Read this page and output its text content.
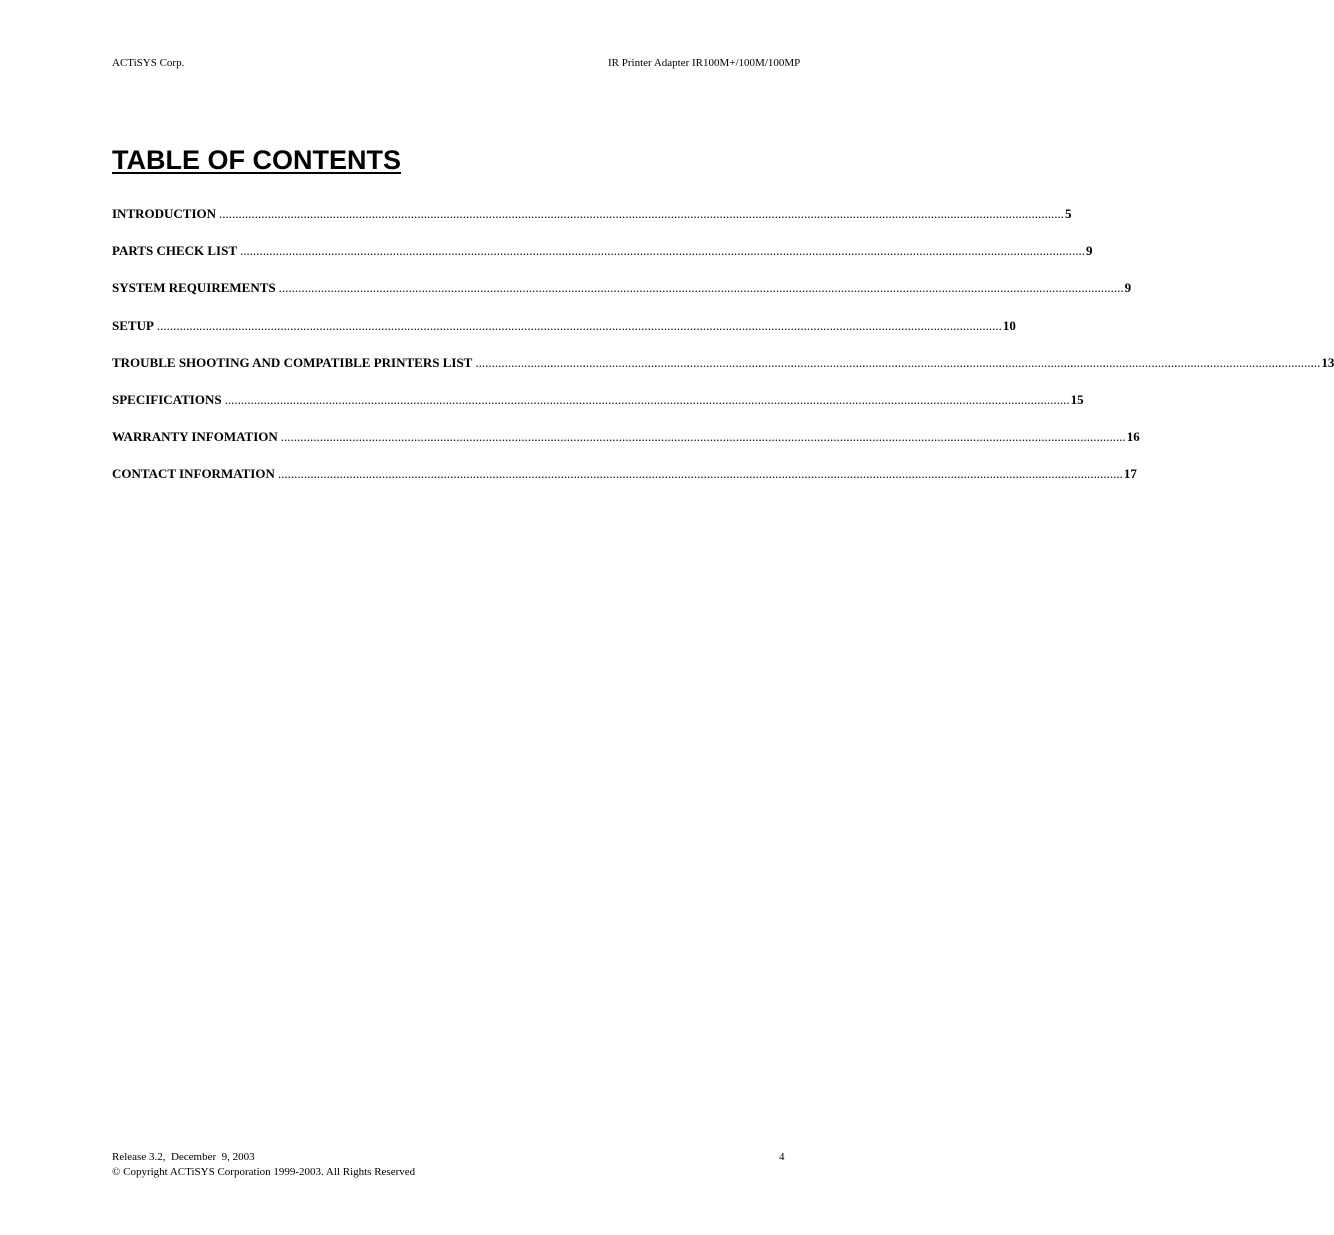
ACTiSYS Corp.	IR Printer Adapter IR100M+/100M/100MP
TABLE OF CONTENTS
INTRODUCTION .................................................................................................................................................................................................................................................................... 5
PARTS CHECK LIST .................................................................................................................................................................................................................................................................... 9
SYSTEM REQUIREMENTS .................................................................................................................................................................................................................................................................... 9
SETUP .................................................................................................................................................................................................................................................................... 10
TROUBLE SHOOTING AND COMPATIBLE PRINTERS LIST .................................................................................................................................................................................................................................................................... 13
SPECIFICATIONS .................................................................................................................................................................................................................................................................... 15
WARRANTY INFOMATION .................................................................................................................................................................................................................................................................... 16
CONTACT INFORMATION .................................................................................................................................................................................................................................................................... 17
Release 3.2,  December  9, 2003
© Copyright ACTiSYS Corporation 1999-2003. All Rights Reserved
4
